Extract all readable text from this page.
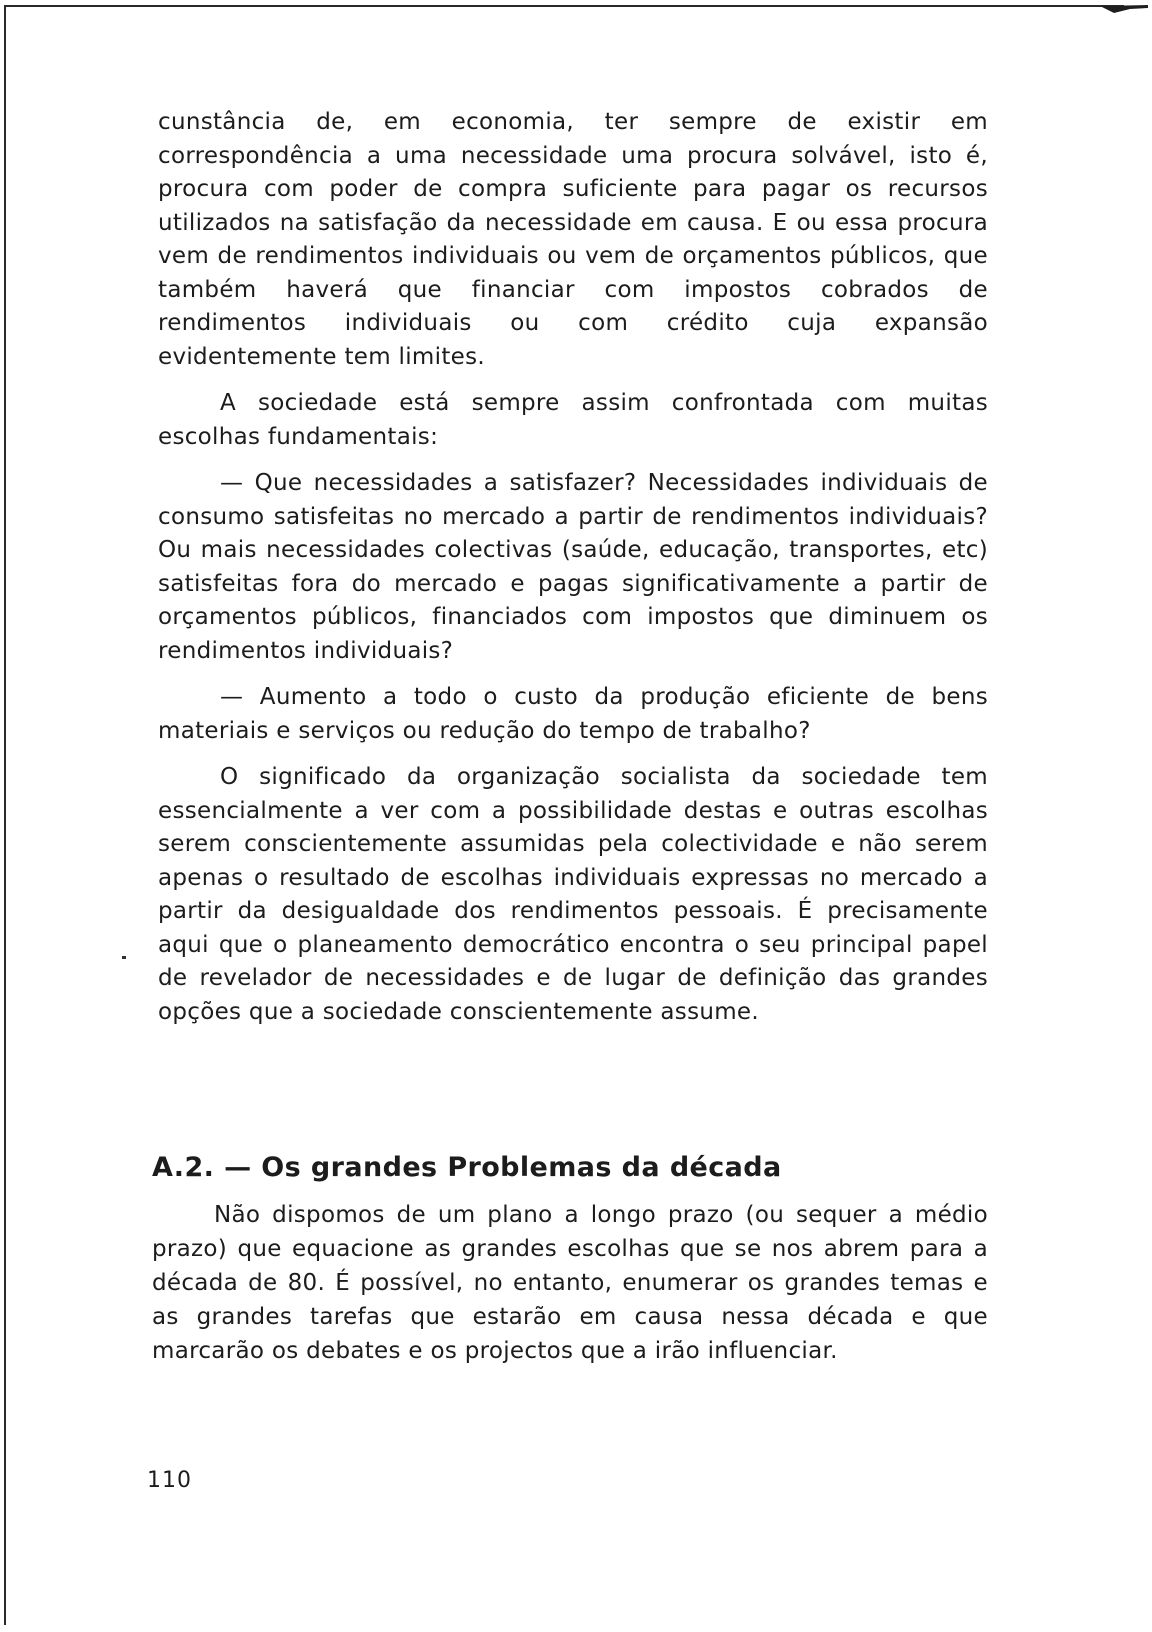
cunstância de, em economia, ter sempre de existir em correspondência a uma necessidade uma procura solvável, isto é, procura com poder de compra suficiente para pagar os recursos utilizados na satisfação da necessidade em causa. E ou essa procura vem de rendimentos individuais ou vem de orçamentos públicos, que também haverá que financiar com impostos cobrados de rendimentos individuais ou com crédito cuja expansão evidentemente tem limites.

A sociedade está sempre assim confrontada com muitas escolhas fundamentais:

— Que necessidades a satisfazer? Necessidades individuais de consumo satisfeitas no mercado a partir de rendimentos individuais? Ou mais necessidades colectivas (saúde, educação, transportes, etc) satisfeitas fora do mercado e pagas significativamente a partir de orçamentos públicos, financiados com impostos que diminuem os rendimentos individuais?

— Aumento a todo o custo da produção eficiente de bens materiais e serviços ou redução do tempo de trabalho?

O significado da organização socialista da sociedade tem essencialmente a ver com a possibilidade destas e outras escolhas serem conscientemente assumidas pela colectividade e não serem apenas o resultado de escolhas individuais expressas no mercado a partir da desigualdade dos rendimentos pessoais. É precisamente aqui que o planeamento democrático encontra o seu principal papel de revelador de necessidades e de lugar de definição das grandes opções que a sociedade conscientemente assume.

A.2. — Os grandes Problemas da década

Não dispomos de um plano a longo prazo (ou sequer a médio prazo) que equacione as grandes escolhas que se nos abrem para a década de 80. É possível, no entanto, enumerar os grandes temas e as grandes tarefas que estarão em causa nessa década e que marcarão os debates e os projectos que a irão influenciar.

110
